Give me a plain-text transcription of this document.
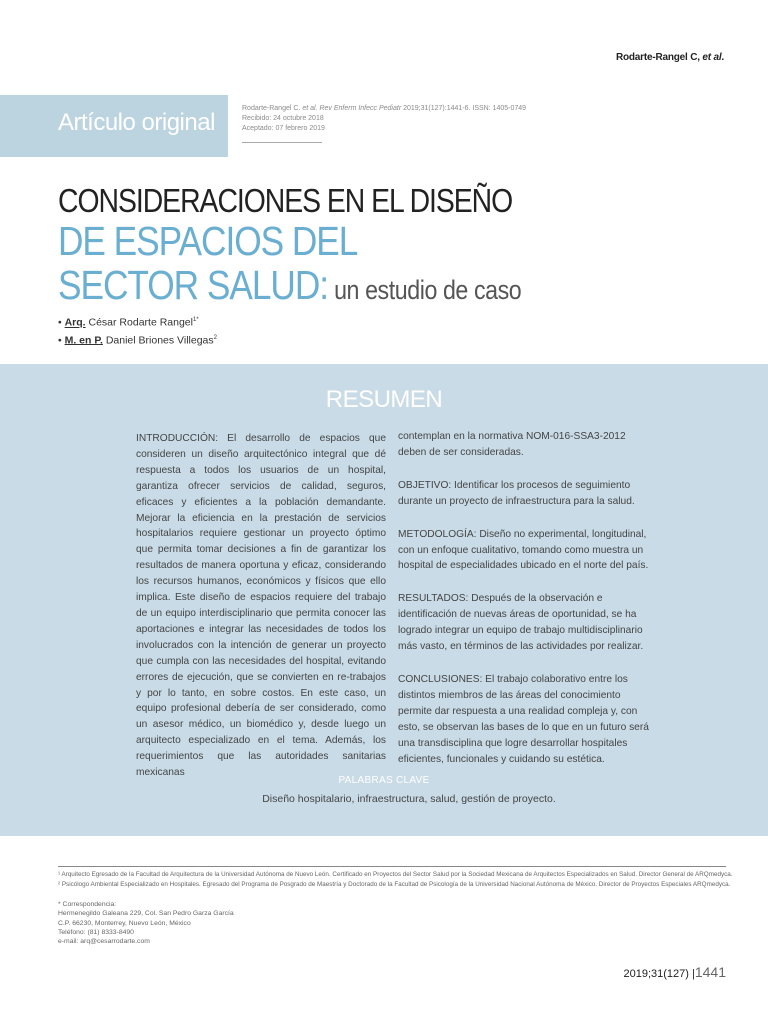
Rodarte-Rangel C, et al.
Artículo original
Rodarte-Rangel C. et al. Rev Enferm Infecc Pediatr 2019;31(127):1441-6. ISSN: 1405-0749
Recibido: 24 octubre 2018
Aceptado: 07 febrero 2019
CONSIDERACIONES EN EL DISEÑO
DE ESPACIOS DEL
SECTOR SALUD: un estudio de caso
• Arq. César Rodarte Rangel$^{1*}$
• M. en P. Daniel Briones Villegas$^2$
RESUMEN
INTRODUCCIÓN: El desarrollo de espacios que consideren un diseño arquitectónico integral que dé respuesta a todos los usuarios de un hospital, garantiza ofrecer servicios de calidad, seguros, eficaces y eficientes a la población demandante. Mejorar la eficiencia en la prestación de servicios hospitalarios requiere gestionar un proyecto óptimo que permita tomar decisiones a fin de garantizar los resultados de manera oportuna y eficaz, considerando los recursos humanos, económicos y físicos que ello implica. Este diseño de espacios requiere del trabajo de un equipo interdisciplinario que permita conocer las aportaciones e integrar las necesidades de todos los involucrados con la intención de generar un proyecto que cumpla con las necesidades del hospital, evitando errores de ejecución, que se convierten en re-trabajos y por lo tanto, en sobre costos. En este caso, un equipo profesional debería de ser considerado, como un asesor médico, un biomédico y, desde luego un arquitecto especializado en el tema. Además, los requerimientos que las autoridades sanitarias mexicanas

contemplan en la normativa NOM-016-SSA3-2012 deben de ser consideradas.

OBJETIVO: Identificar los procesos de seguimiento durante un proyecto de infraestructura para la salud.

METODOLOGÍA: Diseño no experimental, longitudinal, con un enfoque cualitativo, tomando como muestra un hospital de especialidades ubicado en el norte del país.

RESULTADOS: Después de la observación e identificación de nuevas áreas de oportunidad, se ha logrado integrar un equipo de trabajo multidisciplinario más vasto, en términos de las actividades por realizar.

CONCLUSIONES: El trabajo colaborativo entre los distintos miembros de las áreas del conocimiento permite dar respuesta a una realidad compleja y, con esto, se observan las bases de lo que en un futuro será una transdisciplina que logre desarrollar hospitales eficientes, funcionales y cuidando su estética.

PALABRAS CLAVE
Diseño hospitalario, infraestructura, salud, gestión de proyecto.
¹ Arquitecto Egresado de la Facultad de Arquitectura de la Universidad Autónoma de Nuevo León. Certificado en Proyectos del Sector Salud por la Sociedad Mexicana de Arquitectos Especializados en Salud. Director General de ARQmedyca.
² Psicólogo Ambiental Especializado en Hospitales. Egresado del Programa de Posgrado de Maestría y Doctorado de la Facultad de Psicología de la Universidad Nacional Autónoma de México. Director de Proyectos Especiales ARQmedyca.
* Correspondencia:
Hermenegildo Galeana 229, Col. San Pedro Garza García
C.P. 66230, Monterrey, Nuevo León, México
Teléfono: (81) 8333-8490
e-mail: arq@cesarrodarte.com
2019;31(127) |1441
